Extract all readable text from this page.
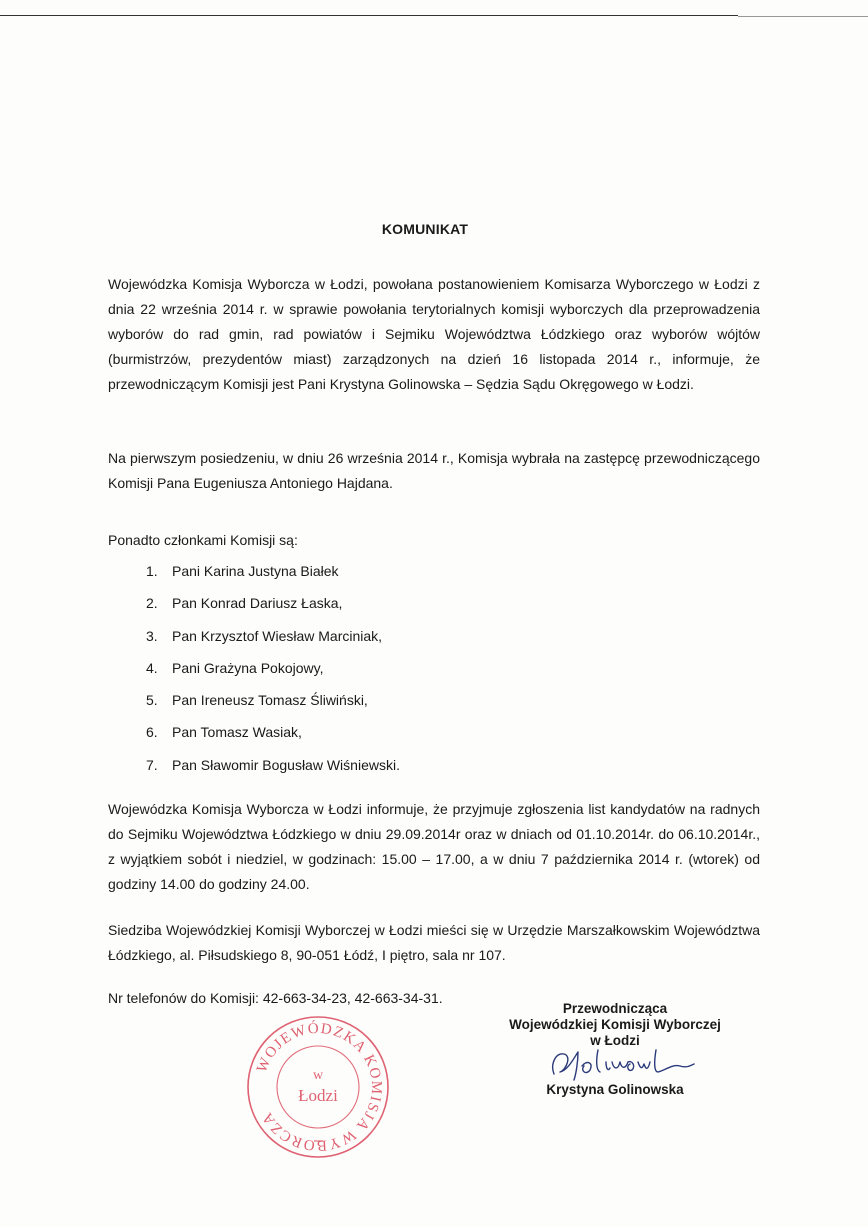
KOMUNIKAT

Wojewódzka Komisja Wyborcza w Łodzi, powołana postanowieniem Komisarza Wyborczego w Łodzi z dnia 22 września 2014 r. w sprawie powołania terytorialnych komisji wyborczych dla przeprowadzenia wyborów do rad gmin, rad powiatów i Sejmiku Województwa Łódzkiego oraz wyborów wójtów (burmistrzów, prezydentów miast) zarządzonych na dzień 16 listopada 2014 r., informuje, że przewodniczącym Komisji jest Pani Krystyna Golinowska – Sędzia Sądu Okręgowego w Łodzi.

Na pierwszym posiedzeniu, w dniu 26 września 2014 r., Komisja wybrała na zastępcę przewodniczącego Komisji Pana Eugeniusza Antoniego Hajdana.

Ponadto członkami Komisji są:

1. Pani Karina Justyna Białek
2. Pan Konrad Dariusz Łaska,
3. Pan Krzysztof Wiesław Marciniak,
4. Pani Grażyna Pokojowy,
5. Pan Ireneusz Tomasz Śliwiński,
6. Pan Tomasz Wasiak,
7. Pan Sławomir Bogusław Wiśniewski.

Wojewódzka Komisja Wyborcza w Łodzi informuje, że przyjmuje zgłoszenia list kandydatów na radnych do Sejmiku Województwa Łódzkiego w dniu 29.09.2014r oraz w dniach od 01.10.2014r. do 06.10.2014r., z wyjątkiem sobót i niedziel, w godzinach: 15.00 – 17.00, a w dniu 7 października 2014 r. (wtorek) od godziny 14.00 do godziny 24.00.

Siedziba Wojewódzkiej Komisji Wyborczej w Łodzi mieści się w Urzędzie Marszałkowskim Województwa Łódzkiego, al. Piłsudskiego 8, 90-051 Łódź, I piętro, sala nr 107.

Nr telefonów do Komisji: 42-663-34-23, 42-663-34-31.

WOJEWÓDZKA KOMISJA WYBORCZA
w
Łodzi
Przewodnicząca
Wojewódzkiej Komisji Wyborczej
w Łodzi
Krystyna Golinowska
